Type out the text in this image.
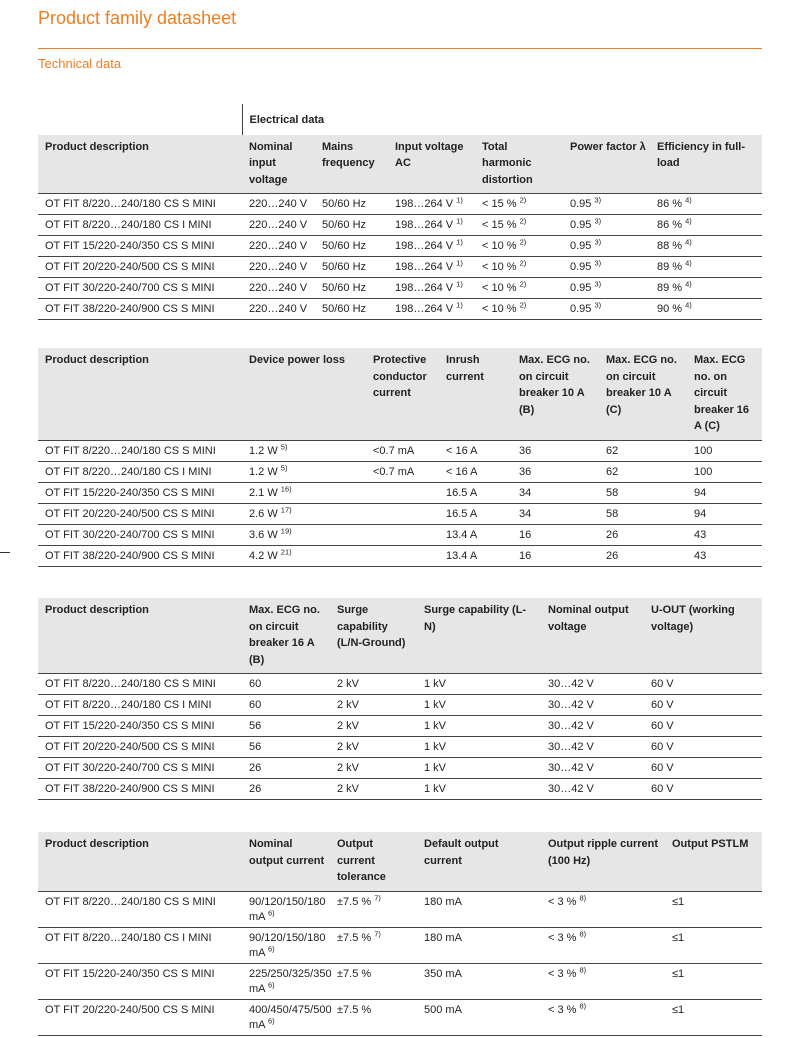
Product family datasheet
Technical data
	Electrical data					
Product description	Nominal input voltage	Mains frequency	Input voltage AC	Total harmonic distortion	Power factor λ	Efficiency in full-load
OT FIT 8/220…240/180 CS S MINI	220…240 V	50/60 Hz	198…264 V $^{1)}$	< 15 % $^{2)}$	0.95 $^{3)}$	86 % $^{4)}$
OT FIT 8/220…240/180 CS I MINI	220…240 V	50/60 Hz	198…264 V $^{1)}$	< 15 % $^{2)}$	0.95 $^{3)}$	86 % $^{4)}$
OT FIT 15/220-240/350 CS S MINI	220…240 V	50/60 Hz	198…264 V $^{1)}$	< 10 % $^{2)}$	0.95 $^{3)}$	88 % $^{4)}$
OT FIT 20/220-240/500 CS S MINI	220…240 V	50/60 Hz	198…264 V $^{1)}$	< 10 % $^{2)}$	0.95 $^{3)}$	89 % $^{4)}$
OT FIT 30/220-240/700 CS S MINI	220…240 V	50/60 Hz	198…264 V $^{1)}$	< 10 % $^{2)}$	0.95 $^{3)}$	89 % $^{4)}$
OT FIT 38/220-240/900 CS S MINI	220…240 V	50/60 Hz	198…264 V $^{1)}$	< 10 % $^{2)}$	0.95 $^{3)}$	90 % $^{4)}$
Product description	Device power loss	Protective conductor current	Inrush current	Max. ECG no. on circuit breaker 10 A (B)	Max. ECG no. on circuit breaker 10 A (C)	Max. ECG no. on circuit breaker 16 A (C)
OT FIT 8/220…240/180 CS S MINI	1.2 W $^{5)}$	<0.7 mA	< 16 A	36	62	100
OT FIT 8/220…240/180 CS I MINI	1.2 W $^{5)}$	<0.7 mA	< 16 A	36	62	100
OT FIT 15/220-240/350 CS S MINI	2.1 W $^{16)}$		16.5 A	34	58	94
OT FIT 20/220-240/500 CS S MINI	2.6 W $^{17)}$		16.5 A	34	58	94
OT FIT 30/220-240/700 CS S MINI	3.6 W $^{19)}$		13.4 A	16	26	43
OT FIT 38/220-240/900 CS S MINI	4.2 W $^{21)}$		13.4 A	16	26	43
Product description	Max. ECG no. on circuit breaker 16 A (B)	Surge capability (L/N-Ground)	Surge capability (L-N)	Nominal output voltage	U-OUT (working voltage)
OT FIT 8/220…240/180 CS S MINI	60	2 kV	1 kV	30…42 V	60 V
OT FIT 8/220…240/180 CS I MINI	60	2 kV	1 kV	30…42 V	60 V
OT FIT 15/220-240/350 CS S MINI	56	2 kV	1 kV	30…42 V	60 V
OT FIT 20/220-240/500 CS S MINI	56	2 kV	1 kV	30…42 V	60 V
OT FIT 30/220-240/700 CS S MINI	26	2 kV	1 kV	30…42 V	60 V
OT FIT 38/220-240/900 CS S MINI	26	2 kV	1 kV	30…42 V	60 V
Product description	Nominal output current	Output current tolerance	Default output current	Output ripple current (100 Hz)	Output PSTLM
OT FIT 8/220…240/180 CS S MINI	90/120/150/180 mA $^{6)}$	±7.5 % $^{7)}$	180 mA	< 3 % $^{8)}$	≤1
OT FIT 8/220…240/180 CS I MINI	90/120/150/180 mA $^{6)}$	±7.5 % $^{7)}$	180 mA	< 3 % $^{8)}$	≤1
OT FIT 15/220-240/350 CS S MINI	225/250/325/350 mA $^{6)}$	±7.5 %	350 mA	< 3 % $^{8)}$	≤1
OT FIT 20/220-240/500 CS S MINI	400/450/475/500 mA $^{6)}$	±7.5 %	500 mA	< 3 % $^{8)}$	≤1
